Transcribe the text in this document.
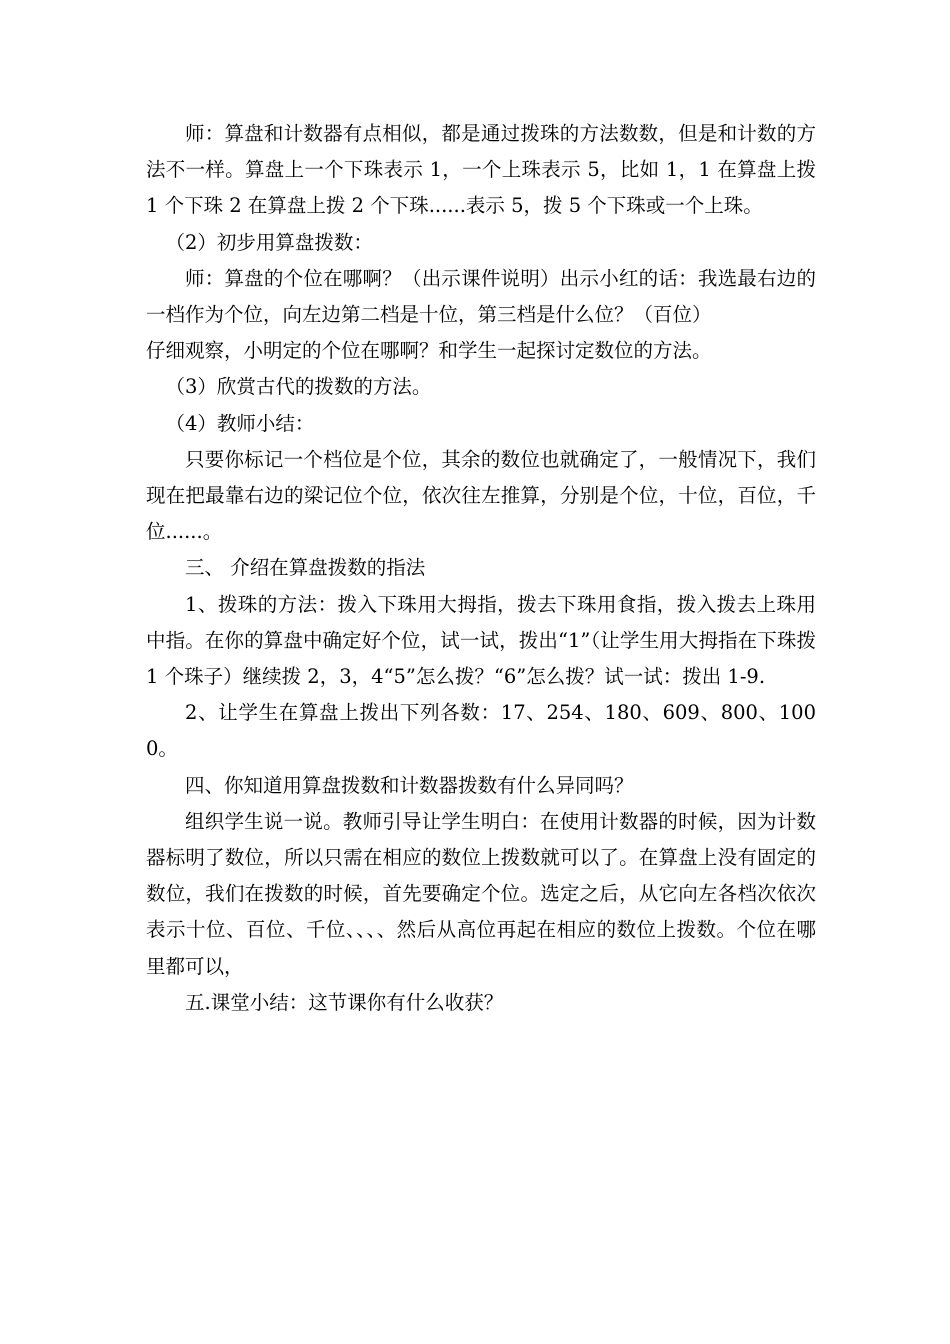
师：算盘和计数器有点相似，都是通过拨珠的方法数数，但是和计数的方法不一样。算盘上一个下珠表示 1，一个上珠表示 5，比如 1，1 在算盘上拨 1 个下珠 2 在算盘上拨 2 个下珠......表示 5，拨 5 个下珠或一个上珠。

（2）初步用算盘拨数：

师：算盘的个位在哪啊？（出示课件说明）出示小红的话：我选最右边的一档作为个位，向左边第二档是十位，第三档是什么位？（百位）

仔细观察，小明定的个位在哪啊？和学生一起探讨定数位的方法。

（3）欣赏古代的拨数的方法。

（4）教师小结：

只要你标记一个档位是个位，其余的数位也就确定了，一般情况下，我们现在把最靠右边的梁记位个位，依次往左推算，分别是个位，十位，百位，千位......。

三、 介绍在算盘拨数的指法

1、拨珠的方法：拨入下珠用大拇指，拨去下珠用食指，拨入拨去上珠用中指。在你的算盘中确定好个位，试一试，拨出“1”（让学生用大拇指在下珠拨 1 个珠子）继续拨 2，3，4“5”怎么拨？“6”怎么拨？试一试：拨出 1-9.

2、让学生在算盘上拨出下列各数：17、254、180、609、800、1000。

四、你知道用算盘拨数和计数器拨数有什么异同吗？

组织学生说一说。教师引导让学生明白：在使用计数器的时候，因为计数器标明了数位，所以只需在相应的数位上拨数就可以了。在算盘上没有固定的数位，我们在拨数的时候，首先要确定个位。选定之后，从它向左各档次依次表示十位、百位、千位、、、、然后从高位再起在相应的数位上拨数。个位在哪里都可以，

五.课堂小结：这节课你有什么收获？
